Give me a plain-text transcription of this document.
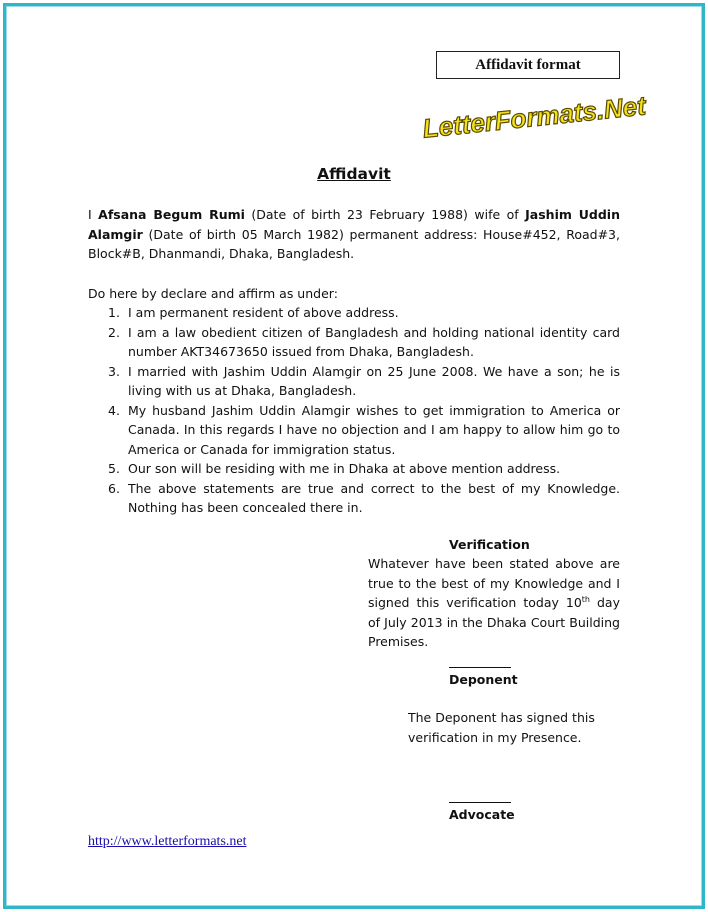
Affidavit format
LetterFormats.Net
Affidavit
I Afsana Begum Rumi (Date of birth 23 February 1988) wife of Jashim Uddin Alamgir (Date of birth 05 March 1982) permanent address: House#452, Road#3, Block#B, Dhanmandi, Dhaka, Bangladesh.
Do here by declare and affirm as under:
1. I am permanent resident of above address.
2. I am a law obedient citizen of Bangladesh and holding national identity card number AKT34673650 issued from Dhaka, Bangladesh.
3. I married with Jashim Uddin Alamgir on 25 June 2008. We have a son; he is living with us at Dhaka, Bangladesh.
4. My husband Jashim Uddin Alamgir wishes to get immigration to America or Canada. In this regards I have no objection and I am happy to allow him go to America or Canada for immigration status.
5. Our son will be residing with me in Dhaka at above mention address.
6. The above statements are true and correct to the best of my Knowledge. Nothing has been concealed there in.
Verification
Whatever have been stated above are true to the best of my Knowledge and I signed this verification today 10th day of July 2013 in the Dhaka Court Building Premises.
Deponent
The Deponent has signed this verification in my Presence.
Advocate
http://www.letterformats.net
